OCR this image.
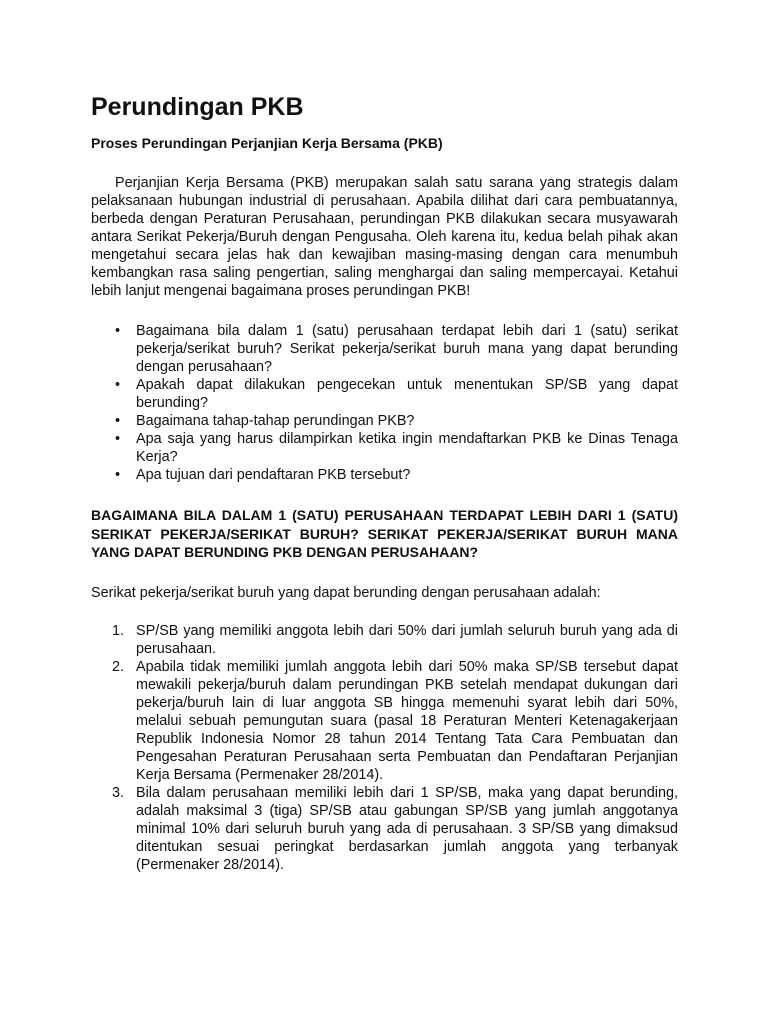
Perundingan PKB
Proses Perundingan Perjanjian Kerja Bersama (PKB)

Perjanjian Kerja Bersama (PKB) merupakan salah satu sarana yang strategis dalam pelaksanaan hubungan industrial di perusahaan. Apabila dilihat dari cara pembuatannya, berbeda dengan Peraturan Perusahaan, perundingan PKB dilakukan secara musyawarah antara Serikat Pekerja/Buruh dengan Pengusaha. Oleh karena itu, kedua belah pihak akan mengetahui secara jelas hak dan kewajiban masing-masing dengan cara menumbuh kembangkan rasa saling pengertian, saling menghargai dan saling mempercayai. Ketahui lebih lanjut mengenai bagaimana proses perundingan PKB!

• Bagaimana bila dalam 1 (satu) perusahaan terdapat lebih dari 1 (satu) serikat pekerja/serikat buruh? Serikat pekerja/serikat buruh mana yang dapat berunding dengan perusahaan?
• Apakah dapat dilakukan pengecekan untuk menentukan SP/SB yang dapat berunding?
• Bagaimana tahap-tahap perundingan PKB?
• Apa saja yang harus dilampirkan ketika ingin mendaftarkan PKB ke Dinas Tenaga Kerja?
• Apa tujuan dari pendaftaran PKB tersebut?
BAGAIMANA BILA DALAM 1 (SATU) PERUSAHAAN TERDAPAT LEBIH DARI 1 (SATU) SERIKAT PEKERJA/SERIKAT BURUH? SERIKAT PEKERJA/SERIKAT BURUH MANA YANG DAPAT BERUNDING PKB DENGAN PERUSAHAAN?

Serikat pekerja/serikat buruh yang dapat berunding dengan perusahaan adalah:

1. SP/SB yang memiliki anggota lebih dari 50% dari jumlah seluruh buruh yang ada di perusahaan.
2. Apabila tidak memiliki jumlah anggota lebih dari 50% maka SP/SB tersebut dapat mewakili pekerja/buruh dalam perundingan PKB setelah mendapat dukungan dari pekerja/buruh lain di luar anggota SB hingga memenuhi syarat lebih dari 50%, melalui sebuah pemungutan suara (pasal 18 Peraturan Menteri Ketenagakerjaan Republik Indonesia Nomor 28 tahun 2014 Tentang Tata Cara Pembuatan dan Pengesahan Peraturan Perusahaan serta Pembuatan dan Pendaftaran Perjanjian Kerja Bersama (Permenaker 28/2014).
3. Bila dalam perusahaan memiliki lebih dari 1 SP/SB, maka yang dapat berunding, adalah maksimal 3 (tiga) SP/SB atau gabungan SP/SB yang jumlah anggotanya minimal 10% dari seluruh buruh yang ada di perusahaan. 3 SP/SB yang dimaksud ditentukan sesuai peringkat berdasarkan jumlah anggota yang terbanyak (Permenaker 28/2014).
